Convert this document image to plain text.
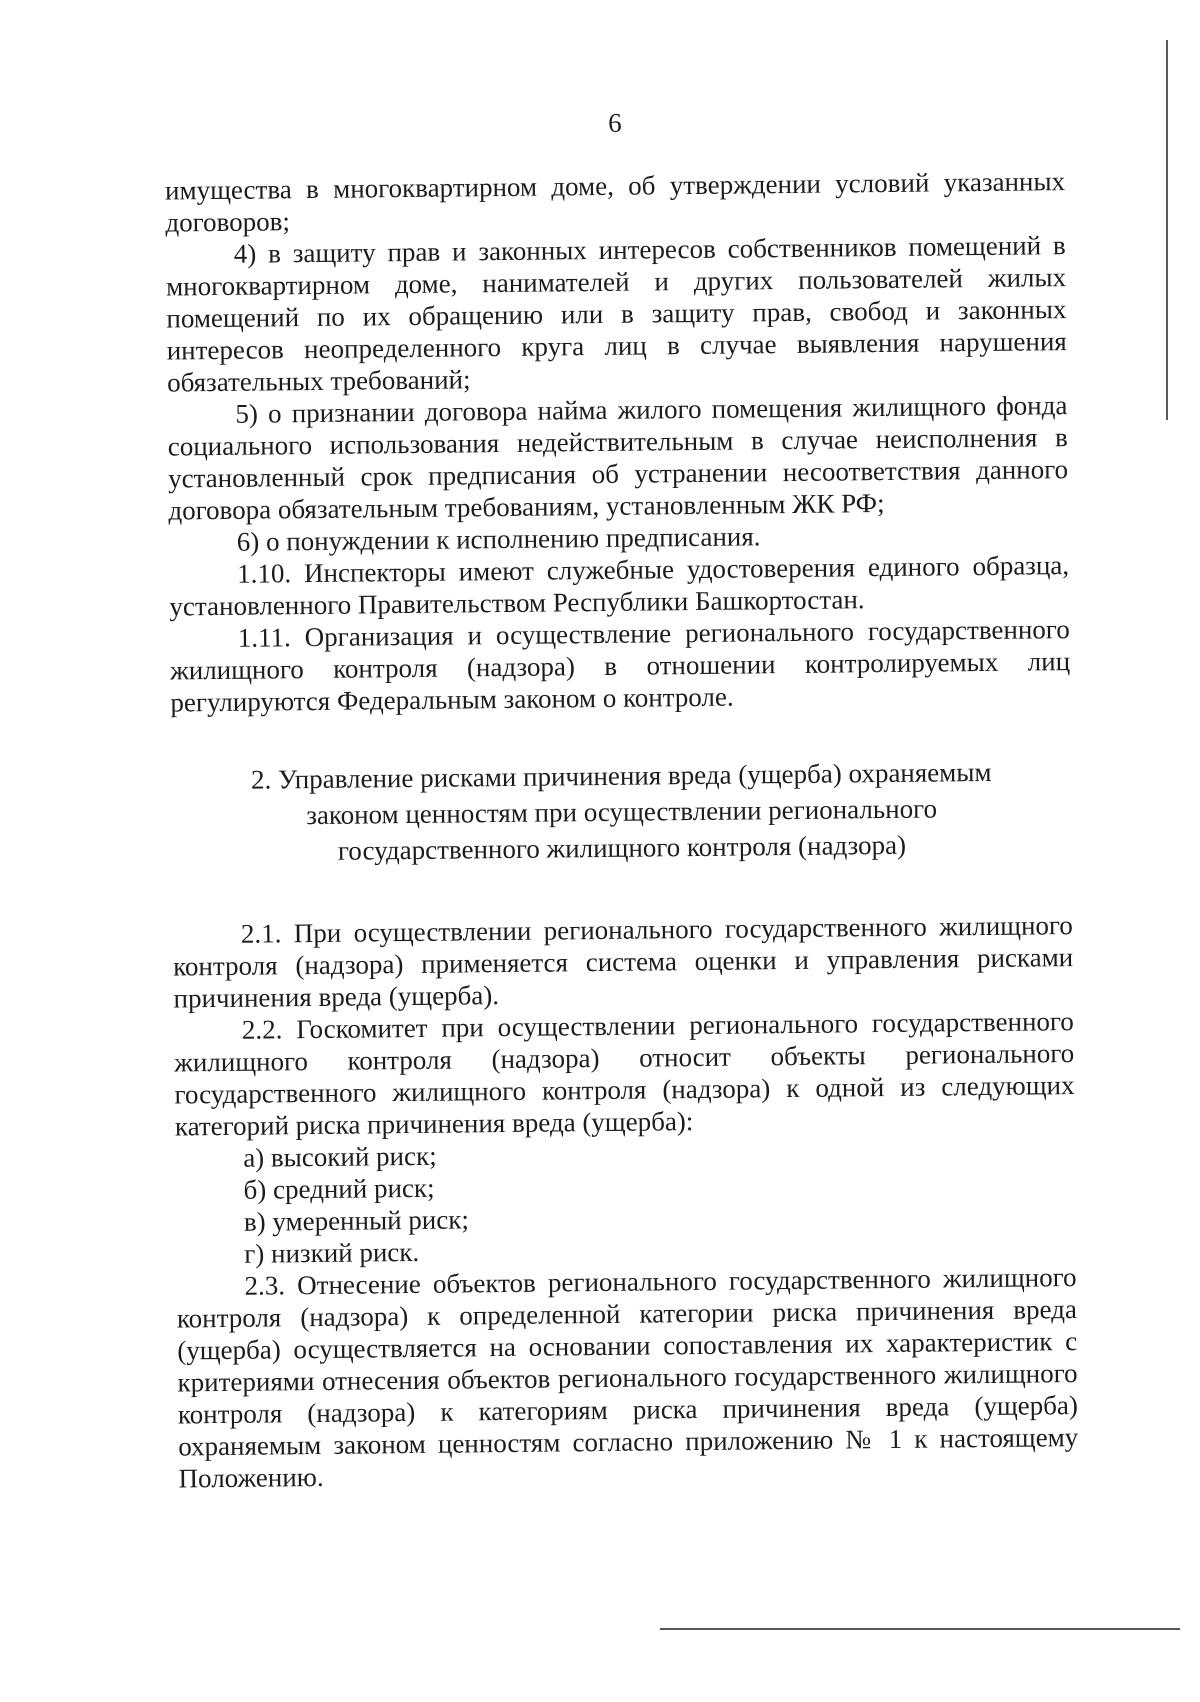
6

имущества в многоквартирном доме, об утверждении условий указанных договоров;

4) в защиту прав и законных интересов собственников помещений в многоквартирном доме, нанимателей и других пользователей жилых помещений по их обращению или в защиту прав, свобод и законных интересов неопределенного круга лиц в случае выявления нарушения обязательных требований;

5) о признании договора найма жилого помещения жилищного фонда социального использования недействительным в случае неисполнения в установленный срок предписания об устранении несоответствия данного договора обязательным требованиям, установленным ЖК РФ;

6) о понуждении к исполнению предписания.

1.10. Инспекторы имеют служебные удостоверения единого образца, установленного Правительством Республики Башкортостан.

1.11. Организация и осуществление регионального государственного жилищного контроля (надзора) в отношении контролируемых лиц регулируются Федеральным законом о контроле.

2. Управление рисками причинения вреда (ущерба) охраняемым
законом ценностям при осуществлении регионального
государственного жилищного контроля (надзора)

2.1. При осуществлении регионального государственного жилищного контроля (надзора) применяется система оценки и управления рисками причинения вреда (ущерба).

2.2. Госкомитет при осуществлении регионального государственного жилищного контроля (надзора) относит объекты регионального государственного жилищного контроля (надзора) к одной из следующих категорий риска причинения вреда (ущерба):

а) высокий риск;

б) средний риск;

в) умеренный риск;

г) низкий риск.

2.3. Отнесение объектов регионального государственного жилищного контроля (надзора) к определенной категории риска причинения вреда (ущерба) осуществляется на основании сопоставления их характеристик с критериями отнесения объектов регионального государственного жилищного контроля (надзора) к категориям риска причинения вреда (ущерба) охраняемым законом ценностям согласно приложению № 1 к настоящему Положению.
